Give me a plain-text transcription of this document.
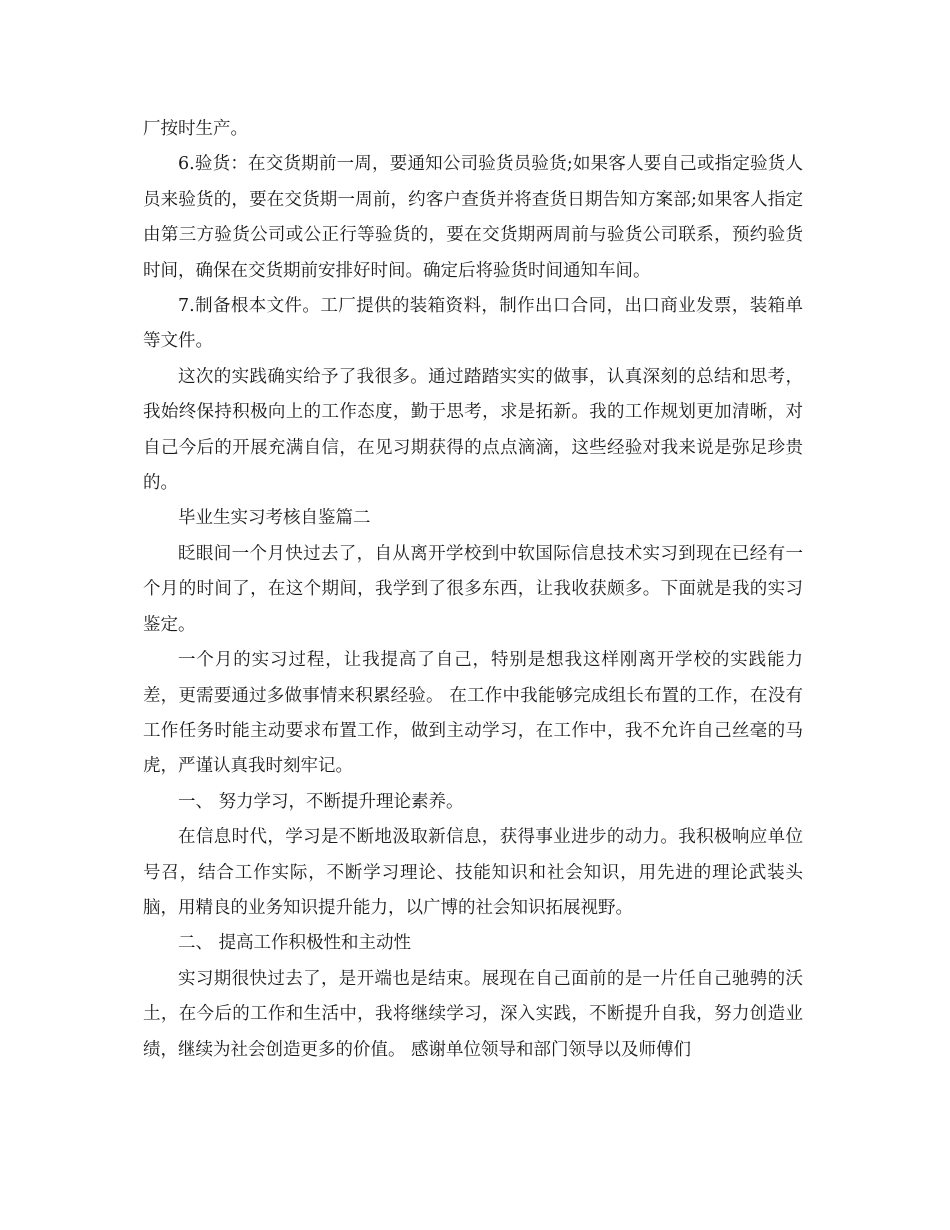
厂按时生产。

6.验货：在交货期前一周，要通知公司验货员验货;如果客人要自己或指定验货人员来验货的，要在交货期一周前，约客户查货并将查货日期告知方案部;如果客人指定由第三方验货公司或公正行等验货的，要在交货期两周前与验货公司联系，预约验货时间，确保在交货期前安排好时间。确定后将验货时间通知车间。

7.制备根本文件。工厂提供的装箱资料，制作出口合同，出口商业发票，装箱单等文件。

这次的实践确实给予了我很多。通过踏踏实实的做事，认真深刻的总结和思考，我始终保持积极向上的工作态度，勤于思考，求是拓新。我的工作规划更加清晰，对自己今后的开展充满自信，在见习期获得的点点滴滴，这些经验对我来说是弥足珍贵的。

毕业生实习考核自鉴篇二

眨眼间一个月快过去了，自从离开学校到中软国际信息技术实习到现在已经有一个月的时间了，在这个期间，我学到了很多东西，让我收获颇多。下面就是我的实习鉴定。

一个月的实习过程，让我提高了自己，特别是想我这样刚离开学校的实践能力差，更需要通过多做事情来积累经验。 在工作中我能够完成组长布置的工作，在没有工作任务时能主动要求布置工作，做到主动学习，在工作中，我不允许自己丝毫的马虎，严谨认真我时刻牢记。

一、 努力学习，不断提升理论素养。

在信息时代，学习是不断地汲取新信息，获得事业进步的动力。我积极响应单位号召，结合工作实际，不断学习理论、技能知识和社会知识，用先进的理论武装头脑，用精良的业务知识提升能力，以广博的社会知识拓展视野。

二、 提高工作积极性和主动性

实习期很快过去了，是开端也是结束。展现在自己面前的是一片任自己驰骋的沃土，在今后的工作和生活中，我将继续学习，深入实践，不断提升自我，努力创造业绩，继续为社会创造更多的价值。 感谢单位领导和部门领导以及师傅们
